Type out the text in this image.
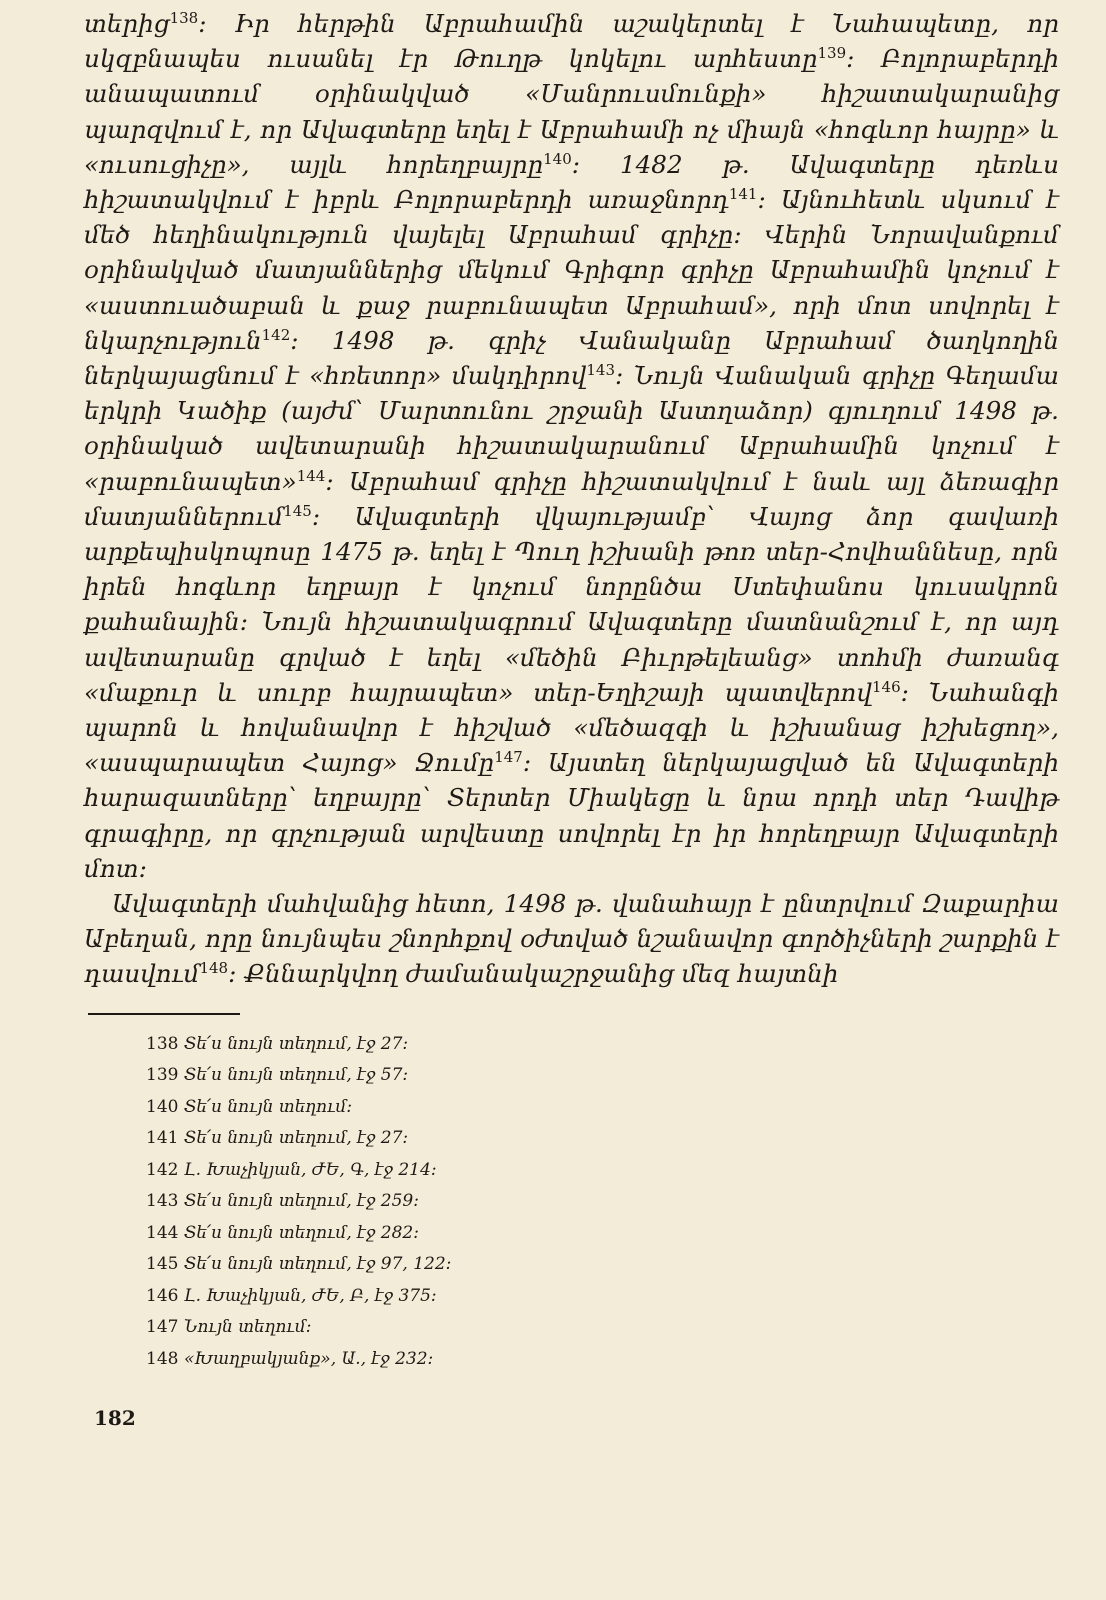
տերից$^{138}$։ Իր հերթին Աբրահամին աշակերտել է Նահապետը, որ սկզբնապես ուսանել էր Թուղթ կոկելու արհեստը$^{139}$։ Բոլորաբերդի անապատում օրինակված «Մանրուսմունքի» հիշատակարանից պարզվում է, որ Ավագտերը եղել է Աբրահամի ոչ միայն «հոգևոր հայրը» և «ուսուցիչը», այլև հորեղբայրը$^{140}$։ 1482 թ. Ավագտերը դեռևս հիշատակվում է իբրև Բոլորաբերդի առաջնորդ$^{141}$։ Այնուհետև սկսում է մեծ հեղինակություն վայելել Աբրահամ գրիչը։ Վերին Նորավանքում օրինակված մատյաններից մեկում Գրիգոր գրիչը Աբրահամին կոչում է «աստուածաբան և քաջ րաբունապետ Աբրահամ», որի մոտ սովորել է նկարչություն$^{142}$։ 1498 թ. գրիչ Վանականը Աբրահամ ծաղկողին ներկայացնում է «հռետոր» մակդիրով$^{143}$։ Նույն Վանական գրիչը Գեղամա երկրի Կածիք (այժմ՝ Մարտունու շրջանի Աստղաձոր) գյուղում 1498 թ. օրինակած ավետարանի հիշատակարանում Աբրահամին կոչում է «րաբունապետ»$^{144}$։ Աբրահամ գրիչը հիշատակվում է նաև այլ ձեռագիր մատյաններում$^{145}$։ Ավագտերի վկայությամբ՝ Վայոց ձոր գավառի արքեպիսկոպոսը 1475 թ. եղել է Պուղ իշխանի թոռ տեր-Հովհաննեսը, որն իրեն հոգևոր եղբայր է կոչում նորընծա Ստեփանոս կուսակրոն քահանային։ Նույն հիշատակագրում Ավագտերը մատնանշում է, որ այդ ավետարանը գրված է եղել «մեծին Բիւրթելեանց» տոհմի ժառանգ «մաքուր և սուրբ հայրապետ» տեր-Եղիշայի պատվերով$^{146}$։ Նահանգի պարոն և հովանավոր է հիշված «մեծազգի և իշխանաց իշխեցող», «ասպարապետ Հայոց» Ջումը$^{147}$։ Այստեղ ներկայացված են Ավագտերի հարազատները՝ եղբայրը՝ Տերտեր Միակեցը և նրա որդի տեր Դավիթ գրագիրը, որ գրչության արվեստը սովորել էր իր հորեղբայր Ավագտերի մոտ։

Ավագտերի մահվանից հետո, 1498 թ. վանահայր է ընտրվում Զաքարիա Աբեղան, որը նույնպես շնորհքով օժտված նշանավոր գործիչների շարքին է դասվում$^{148}$։ Քննարկվող ժամանակաշրջանից մեզ հայտնի

138 Տե՛ս նույն տեղում, էջ 27։
139 Տե՛ս նույն տեղում, էջ 57։
140 Տե՛ս նույն տեղում։
141 Տե՛ս նույն տեղում, էջ 27։
142 Լ. Խաչիկյան, ԺԵ, Գ, էջ 214։
143 Տե՛ս նույն տեղում, էջ 259։
144 Տե՛ս նույն տեղում, էջ 282։
145 Տե՛ս նույն տեղում, էջ 97, 122։
146 Լ. Խաչիկյան, ԺԵ, Բ, էջ 375։
147 Նույն տեղում։
148 «Խաղբակյանք», Ա., էջ 232։
182
